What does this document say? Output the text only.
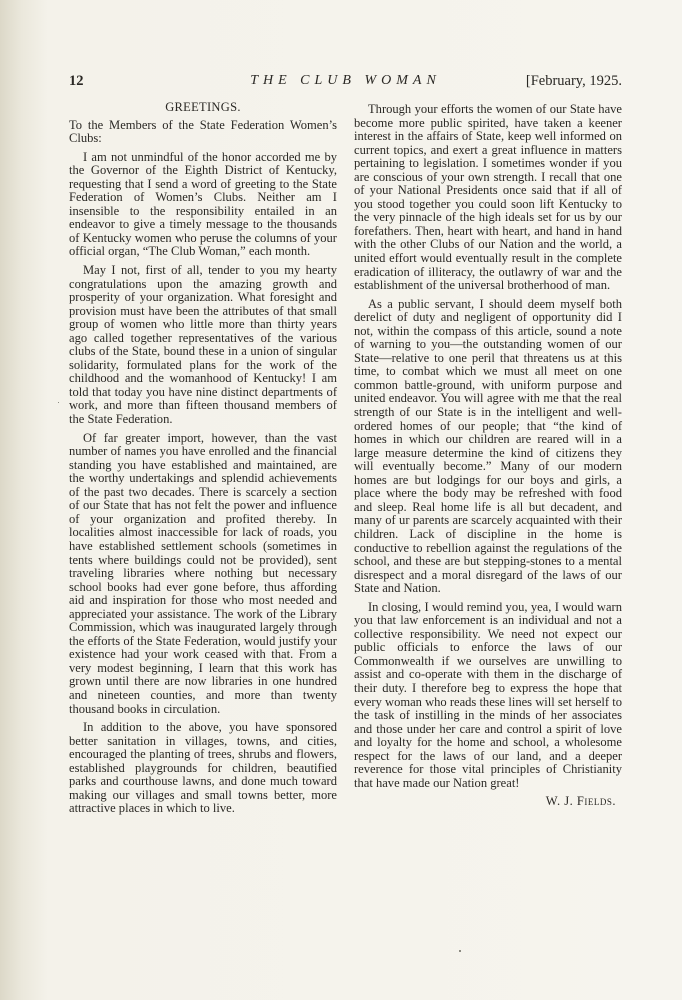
12	THE CLUB WOMAN	[February, 1925.
GREETINGS.
To the Members of the State Federation Women’s Clubs:

I am not unmindful of the honor accorded me by the Governor of the Eighth District of Kentucky, requesting that I send a word of greeting to the State Federation of Women’s Clubs. Neither am I insensible to the responsibility entailed in an endeavor to give a timely message to the thousands of Kentucky women who peruse the columns of your official organ, “The Club Woman,” each month.

May I not, first of all, tender to you my hearty congratulations upon the amazing growth and prosperity of your organization. What foresight and provision must have been the attributes of that small group of women who little more than thirty years ago called together representatives of the various clubs of the State, bound these in a union of singular solidarity, formulated plans for the work of the childhood and the womanhood of Kentucky! I am told that today you have nine distinct departments of work, and more than fifteen thousand members of the State Federation.

Of far greater import, however, than the vast number of names you have enrolled and the financial standing you have established and maintained, are the worthy undertakings and splendid achievements of the past two decades. There is scarcely a section of our State that has not felt the power and influence of your organization and profited thereby. In localities almost inaccessible for lack of roads, you have established settlement schools (sometimes in tents where buildings could not be provided), sent traveling libraries where nothing but necessary school books had ever gone before, thus affording aid and inspiration for those who most needed and appreciated your assistance. The work of the Library Commission, which was inaugurated largely through the efforts of the State Federation, would justify your existence had your work ceased with that. From a very modest beginning, I learn that this work has grown until there are now libraries in one hundred and nineteen counties, and more than twenty thousand books in circulation.

In addition to the above, you have sponsored better sanitation in villages, towns, and cities, encouraged the planting of trees, shrubs and flowers, established playgrounds for children, beautified parks and courthouse lawns, and done much toward making our villages and small towns better, more attractive places in which to live.

Through your efforts the women of our State have become more public spirited, have taken a keener interest in the affairs of State, keep well informed on current topics, and exert a great influence in matters pertaining to legislation. I sometimes wonder if you are conscious of your own strength. I recall that one of your National Presidents once said that if all of you stood together you could soon lift Kentucky to the very pinnacle of the high ideals set for us by our forefathers. Then, heart with heart, and hand in hand with the other Clubs of our Nation and the world, a united effort would eventually result in the complete eradication of illiteracy, the outlawry of war and the establishment of the universal brotherhood of man.

As a public servant, I should deem myself both derelict of duty and negligent of opportunity did I not, within the compass of this article, sound a note of warning to you—the outstanding women of our State—relative to one peril that threatens us at this time, to combat which we must all meet on one common battle-ground, with uniform purpose and united endeavor. You will agree with me that the real strength of our State is in the intelligent and well-ordered homes of our people; that “the kind of homes in which our children are reared will in a large measure determine the kind of citizens they will eventually become.” Many of our modern homes are but lodgings for our boys and girls, a place where the body may be refreshed with food and sleep. Real home life is all but decadent, and many of ur parents are scarcely acquainted with their children. Lack of discipline in the home is conductive to rebellion against the regulations of the school, and these are but stepping-stones to a mental disrespect and a moral disregard of the laws of our State and Nation.

In closing, I would remind you, yea, I would warn you that law enforcement is an individual and not a collective responsibility. We need not expect our public officials to enforce the laws of our Commonwealth if we ourselves are unwilling to assist and co-operate with them in the discharge of their duty. I therefore beg to express the hope that every woman who reads these lines will set herself to the task of instilling in the minds of her associates and those under her care and control a spirit of love and loyalty for the home and school, a wholesome respect for the laws of our land, and a deeper reverence for those vital principles of Christianity that have made our Nation great!

W. J. Fields.
